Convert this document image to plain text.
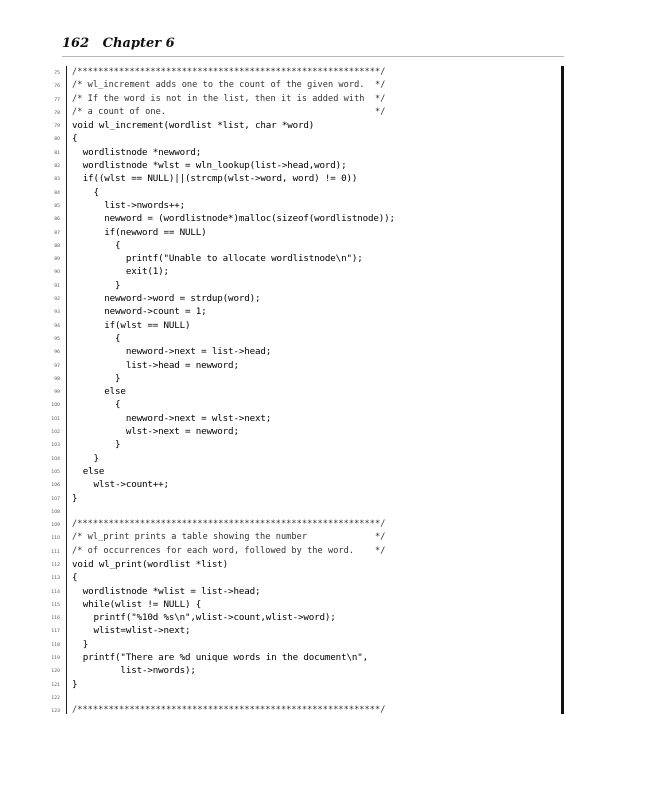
162 Chapter 6
75 /**********************************************************/
76 /* wl_increment adds one to the count of the given word.  */
77 /* If the word is not in the list, then it is added with  */
78 /* a count of one.                                        */
79 void wl_increment(wordlist *list, char *word)
80 {
81 wordlistnode *newword;
82 wordlistnode *wlst = wln_lookup(list->head,word);
83 if((wlst == NULL)||(strcmp(wlst->word, word) != 0))
84 {
85 list->nwords++;
86 newword = (wordlistnode*)malloc(sizeof(wordlistnode));
87 if(newword == NULL)
88 {
89 printf("Unable to allocate wordlistnode\n");
90 exit(1);
91 }
92 newword->word = strdup(word);
93 newword->count = 1;
94 if(wlst == NULL)
95 {
96 newword->next = list->head;
97 list->head = newword;
98 }
99 else
100 {
101 newword->next = wlst->next;
102 wlst->next = newword;
103 }
104 }
105 else
106 wlst->count++;
107 }
108
109 /**********************************************************/
110 /* wl_print prints a table showing the number             */
111 /* of occurrences for each word, followed by the word.    */
112 void wl_print(wordlist *list)
113 {
114 wordlistnode *wlist = list->head;
115 while(wlist != NULL) {
116 printf("%10d %s\n",wlist->count,wlist->word);
117 wlist=wlist->next;
118 }
119 printf("There are %d unique words in the document\n",
120 list->nwords);
121 }
122
123 /**********************************************************/
